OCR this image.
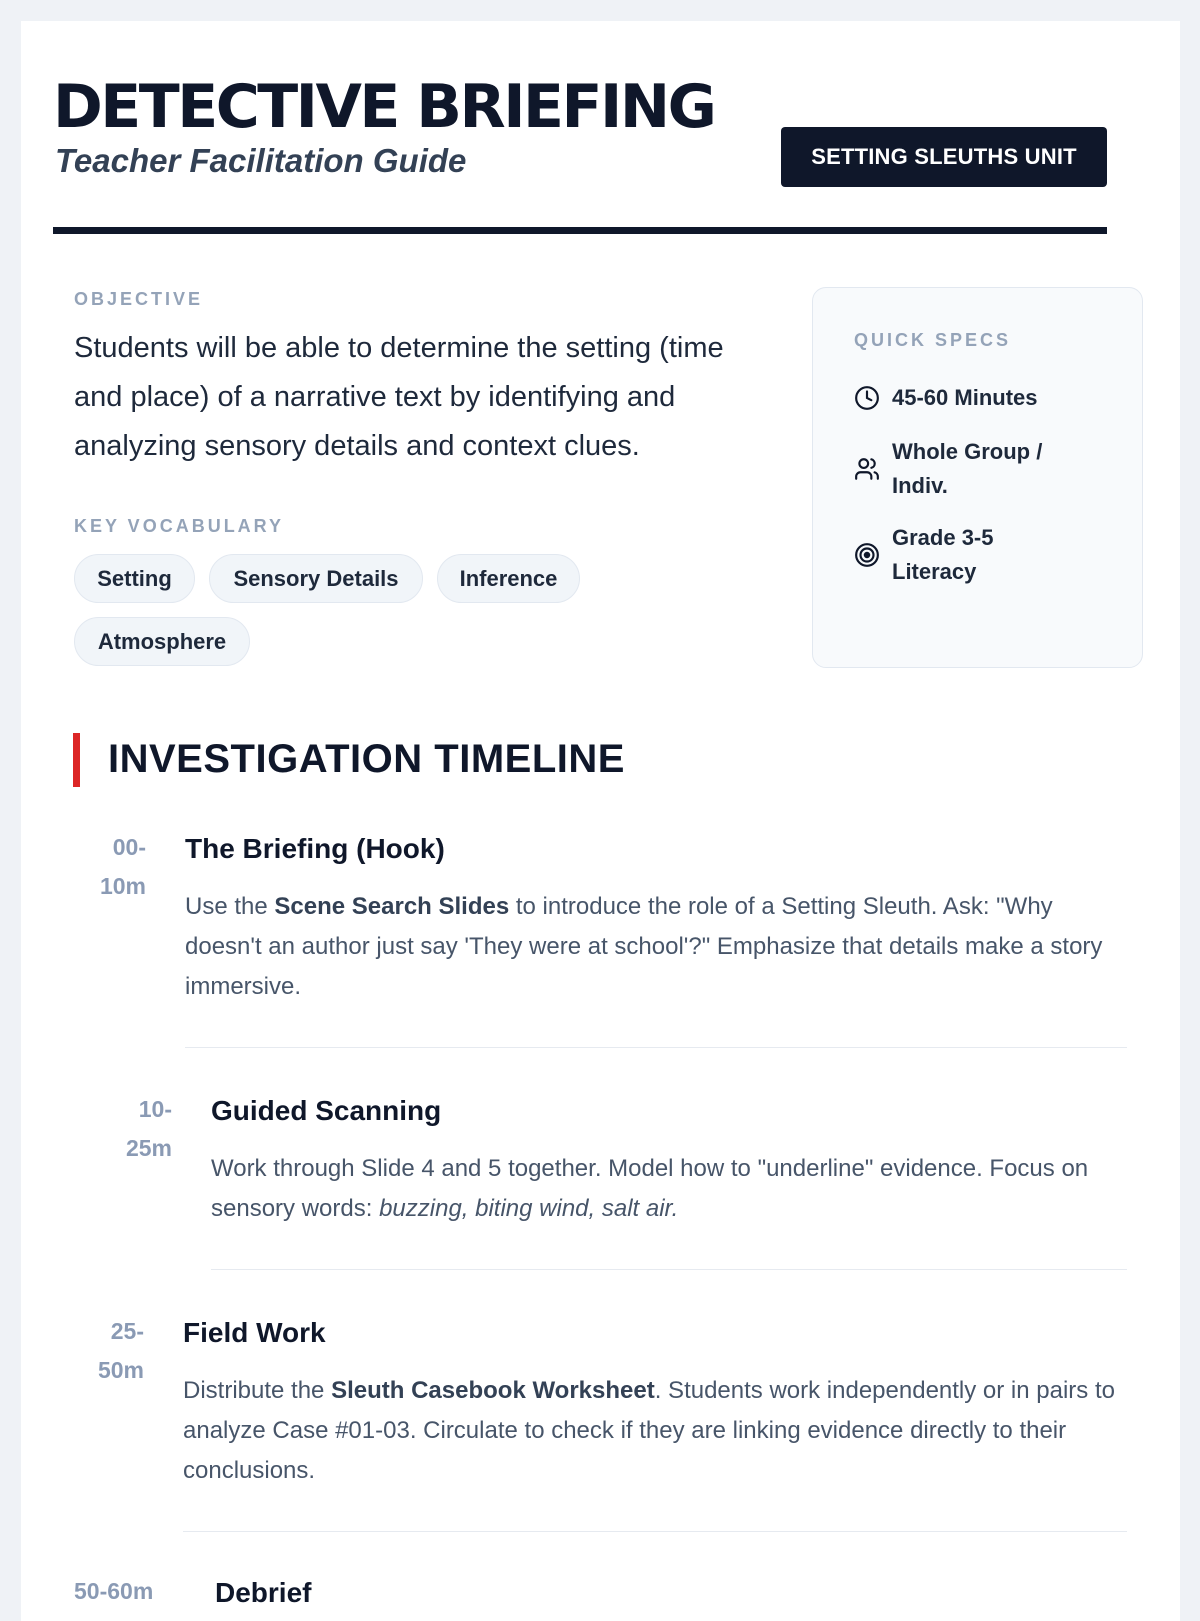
DETECTIVE BRIEFING
Teacher Facilitation Guide	SETTING SLEUTHS UNIT
OBJECTIVE
Students will be able to determine the setting (time and place) of a narrative text by identifying and analyzing sensory details and context clues.
KEY VOCABULARY
Setting	Sensory Details	Inference
Atmosphere
QUICK SPECS
45-60 Minutes
Whole Group / Indiv.
Grade 3-5 Literacy
INVESTIGATION TIMELINE
00-10m
The Briefing (Hook)
Use the Scene Search Slides to introduce the role of a Setting Sleuth. Ask: "Why doesn't an author just say 'They were at school'?" Emphasize that details make a story immersive.
10-25m
Guided Scanning
Work through Slide 4 and 5 together. Model how to "underline" evidence. Focus on sensory words: buzzing, biting wind, salt air.
25-50m
Field Work
Distribute the Sleuth Casebook Worksheet. Students work independently or in pairs to analyze Case #01-03. Circulate to check if they are linking evidence directly to their conclusions.
50-60m	Debrief
